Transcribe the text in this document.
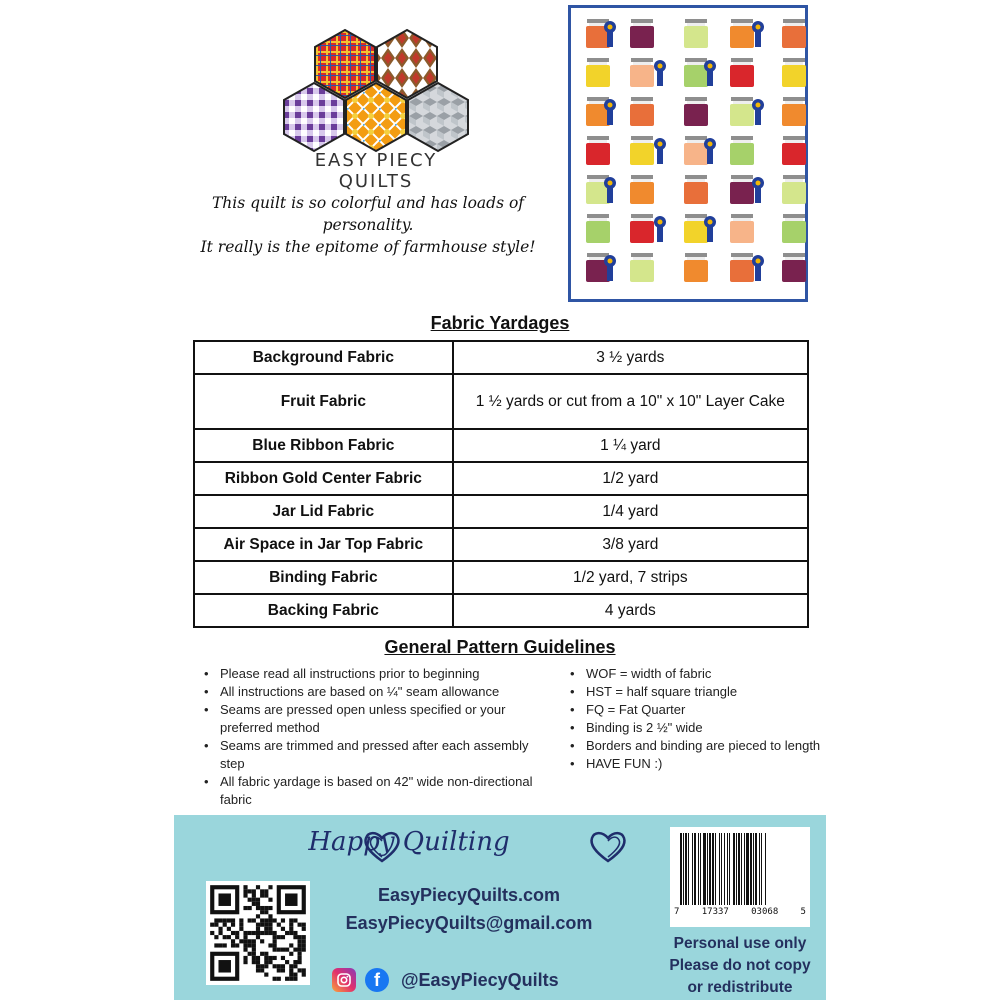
EASY PIECY QUILTS
This quilt is so colorful and has loads of personality.
It really is the epitome of farmhouse style!
Fabric Yardages
Background Fabric	3 ½ yards
Fruit Fabric	1 ½ yards or cut from a 10" x 10" Layer Cake
Blue Ribbon Fabric	1 ¼ yard
Ribbon Gold Center Fabric	1/2 yard
Jar Lid Fabric	1/4 yard
Air Space in Jar Top Fabric	3/8 yard
Binding Fabric	1/2 yard, 7 strips
Backing Fabric	4 yards
General Pattern Guidelines
• Please read all instructions prior to beginning
• All instructions are based on ¼" seam allowance
• Seams are pressed open unless specified or your preferred method
• Seams are trimmed and pressed after each assembly step
• All fabric yardage is based on 42" wide non-directional fabric
• WOF = width of fabric
• HST = half square triangle
• FQ = Fat Quarter
• Binding is 2 ½" wide
• Borders and binding are pieced to length
• HAVE FUN :)
Happy Quilting
EasyPiecyQuilts.com
EasyPiecyQuilts@gmail.com
f	@EasyPiecyQuilts
7 17337 03068 5
Personal use only
Please do not copy
or redistribute
